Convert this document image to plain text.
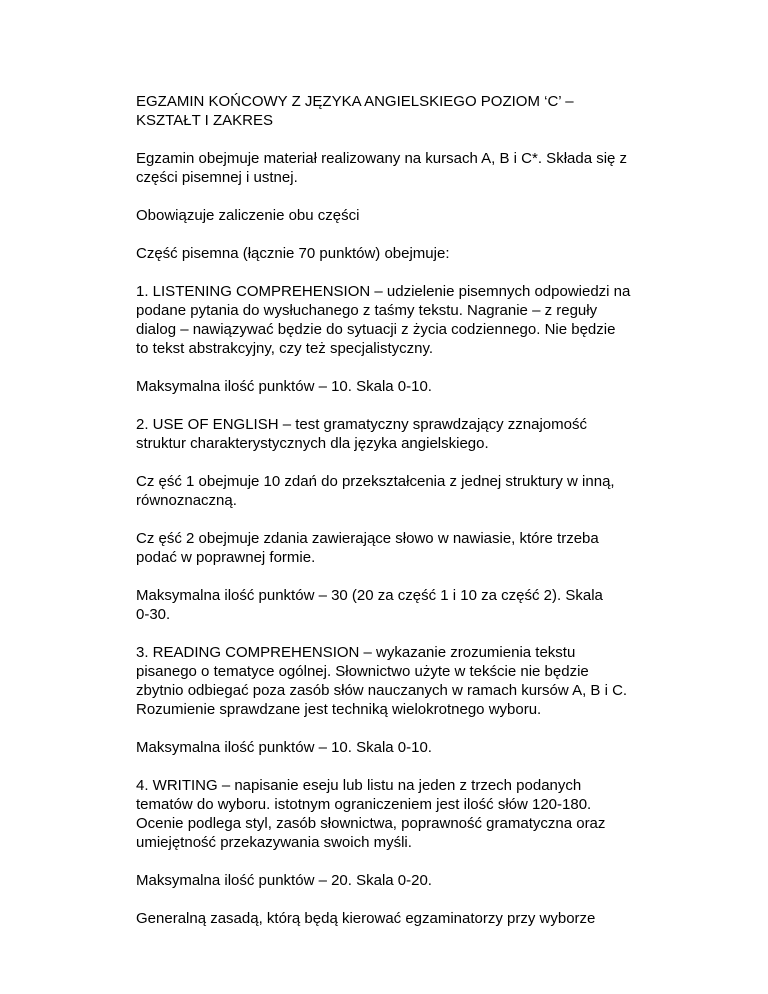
EGZAMIN KOŃCOWY Z JĘZYKA ANGIELSKIEGO POZIOM ‘C’ –
KSZTAŁT I ZAKRES

Egzamin obejmuje materiał realizowany na kursach A, B i C*. Składa się z
części pisemnej i ustnej.

Obowiązuje zaliczenie obu części

Część pisemna (łącznie 70 punktów) obejmuje:

1. LISTENING COMPREHENSION – udzielenie pisemnych odpowiedzi na
podane pytania do wysłuchanego z taśmy tekstu. Nagranie – z reguły
dialog – nawiązywać będzie do sytuacji z życia codziennego. Nie będzie
to tekst abstrakcyjny, czy też specjalistyczny.

Maksymalna ilość punktów – 10. Skala 0-10.

2. USE OF ENGLISH – test gramatyczny sprawdzający zznajomość
struktur charakterystycznych dla języka angielskiego.

Cz ęść 1 obejmuje 10 zdań do przekształcenia z jednej struktury w inną,
równoznaczną.

Cz ęść 2 obejmuje zdania zawierające słowo w nawiasie, które trzeba
podać w poprawnej formie.

Maksymalna ilość punktów – 30 (20 za część 1 i 10 za część 2). Skala
0-30.

3. READING COMPREHENSION – wykazanie zrozumienia tekstu
pisanego o tematyce ogólnej. Słownictwo użyte w tekście nie będzie
zbytnio odbiegać poza zasób słów nauczanych w ramach kursów A, B i C.
Rozumienie sprawdzane jest techniką wielokrotnego wyboru.

Maksymalna ilość punktów – 10. Skala 0-10.

4. WRITING – napisanie eseju lub listu na jeden z trzech podanych
tematów do wyboru. istotnym ograniczeniem jest ilość słów 120-180.
Ocenie podlega styl, zasób słownictwa, poprawność gramatyczna oraz
umiejętność przekazywania swoich myśli.

Maksymalna ilość punktów – 20. Skala 0-20.

Generalną zasadą, którą będą kierować egzaminatorzy przy wyborze
